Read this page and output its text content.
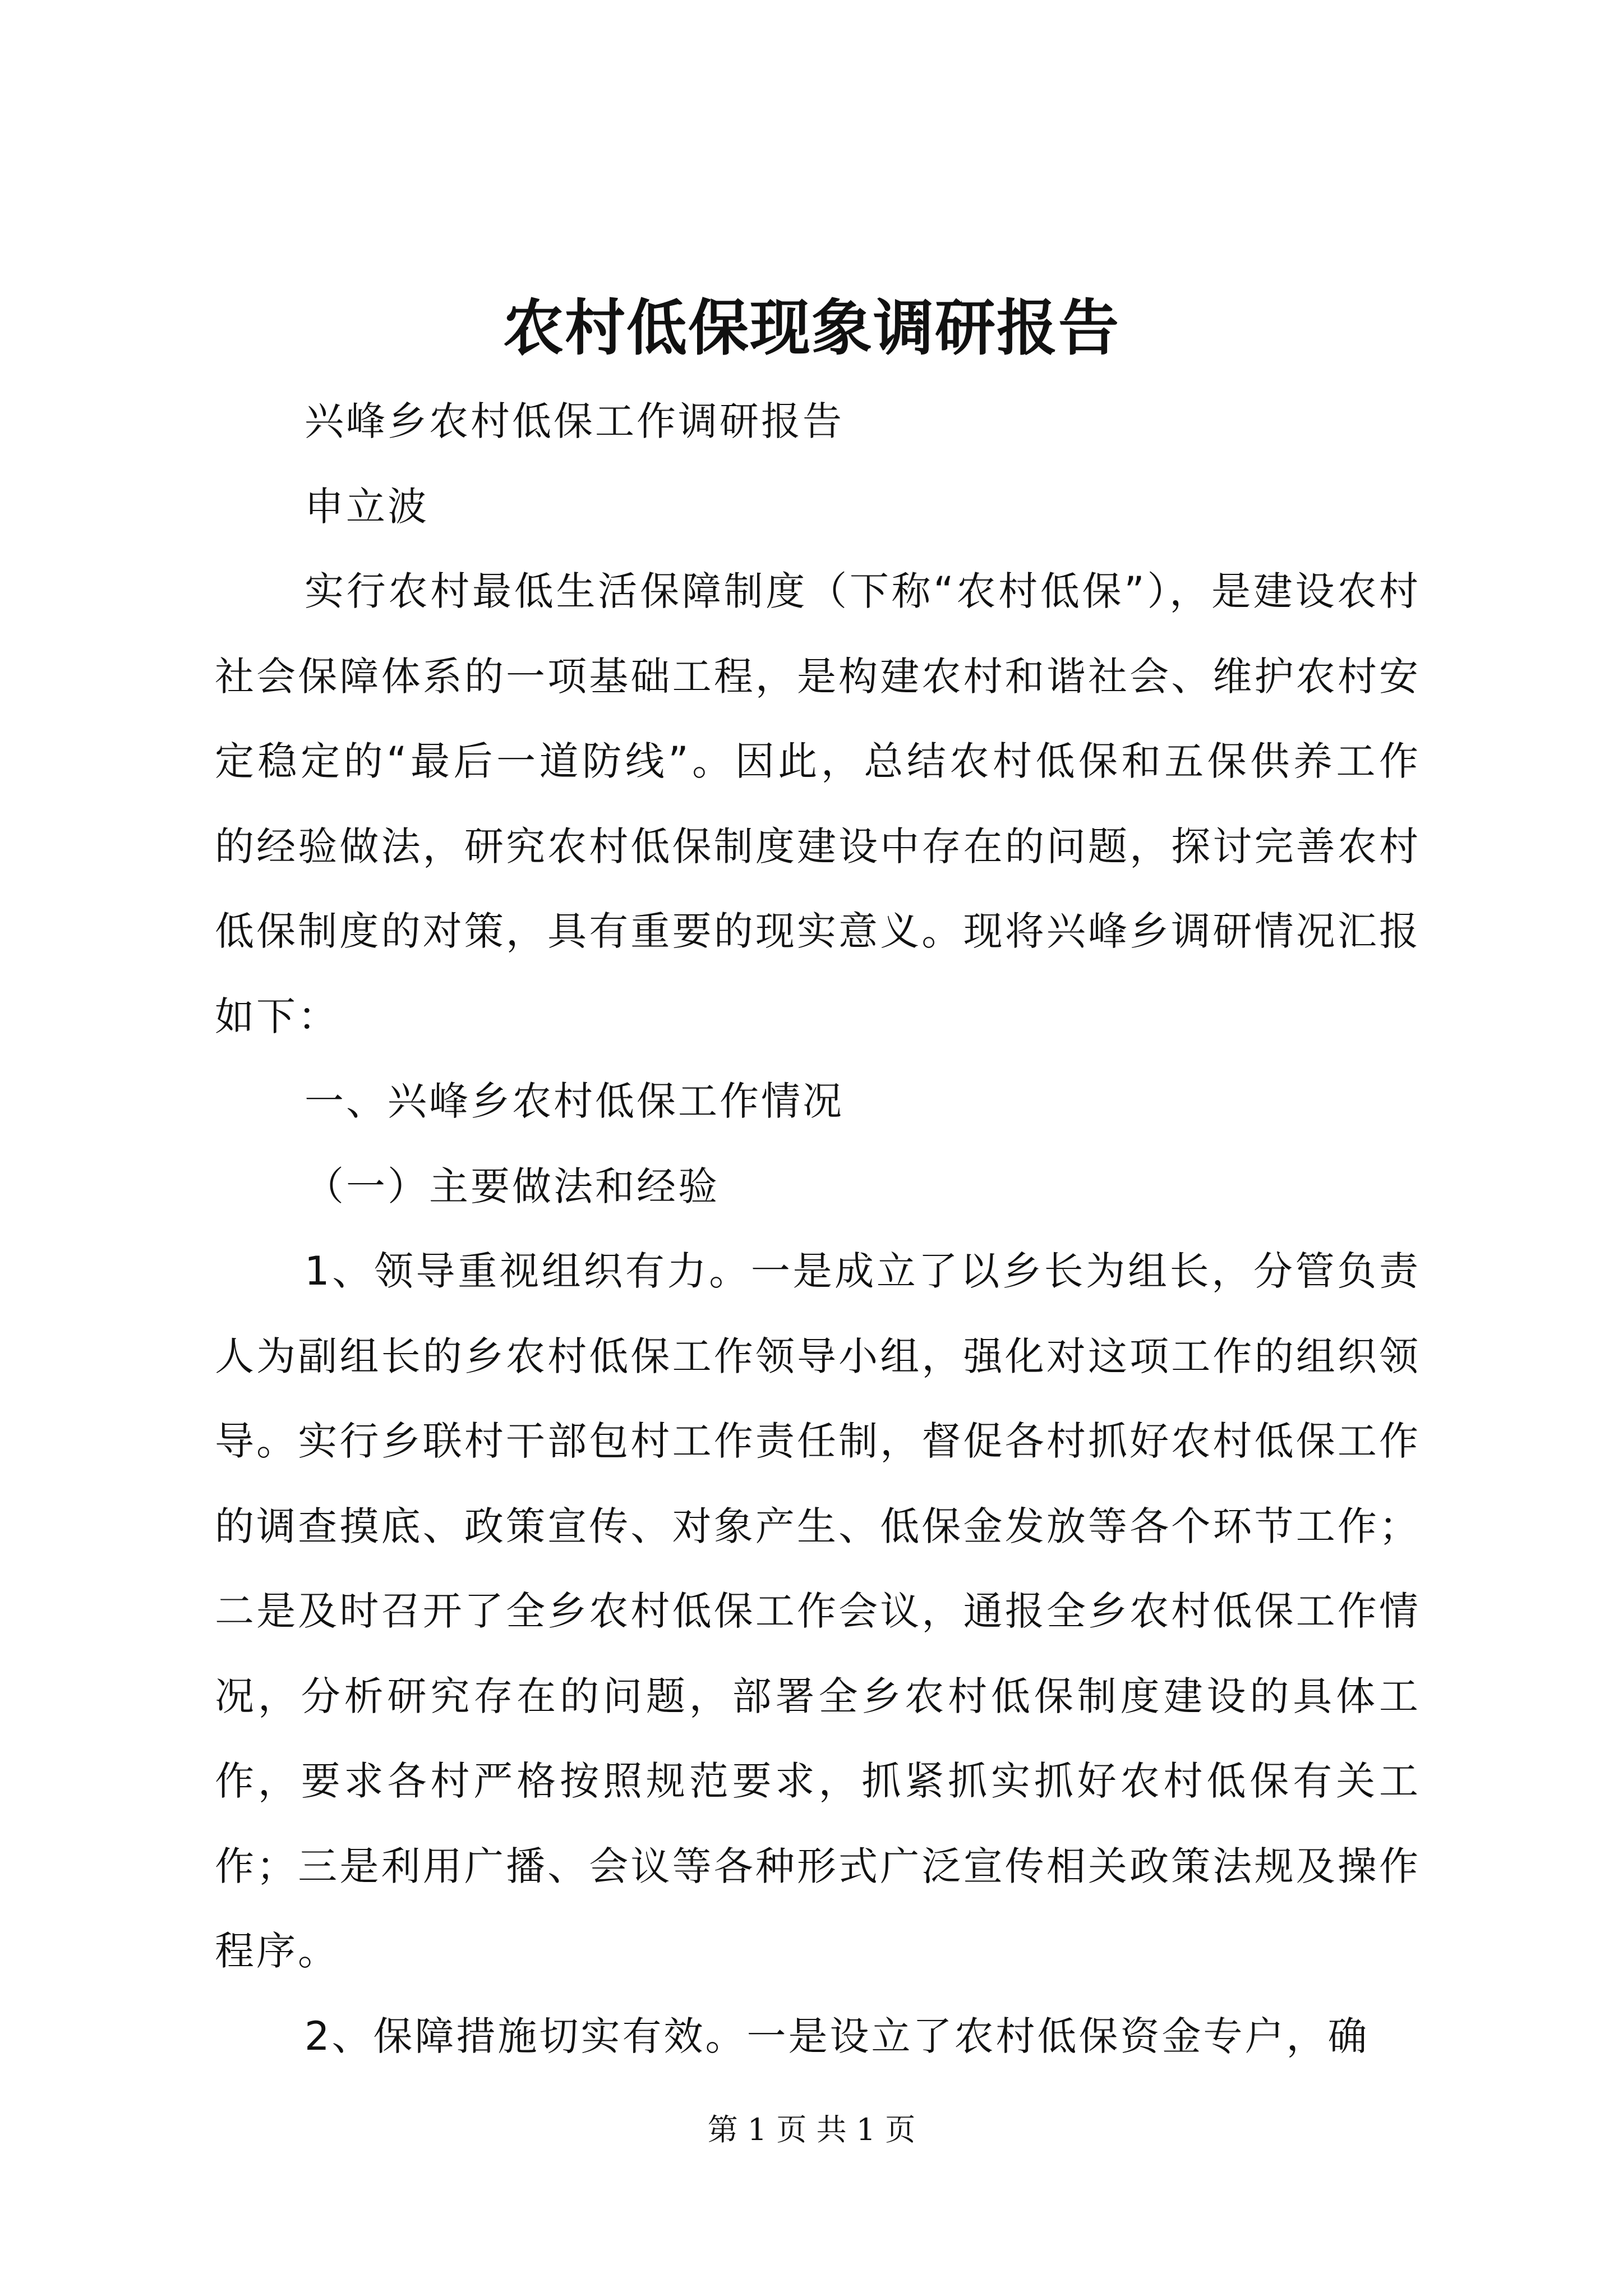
农村低保现象调研报告

兴峰乡农村低保工作调研报告

申立波

实行农村最低生活保障制度（下称“农村低保”），是建设农村社会保障体系的一项基础工程，是构建农村和谐社会、维护农村安定稳定的“最后一道防线”。因此，总结农村低保和五保供养工作的经验做法，研究农村低保制度建设中存在的问题，探讨完善农村低保制度的对策，具有重要的现实意义。现将兴峰乡调研情况汇报如下：

一、兴峰乡农村低保工作情况

（一）主要做法和经验

1、领导重视组织有力。一是成立了以乡长为组长，分管负责人为副组长的乡农村低保工作领导小组，强化对这项工作的组织领导。实行乡联村干部包村工作责任制，督促各村抓好农村低保工作的调查摸底、政策宣传、对象产生、低保金发放等各个环节工作；二是及时召开了全乡农村低保工作会议，通报全乡农村低保工作情况，分析研究存在的问题，部署全乡农村低保制度建设的具体工作，要求各村严格按照规范要求，抓紧抓实抓好农村低保有关工作；三是利用广播、会议等各种形式广泛宣传相关政策法规及操作程序。

2、保障措施切实有效。一是设立了农村低保资金专户，确

第 1 页 共 1 页
